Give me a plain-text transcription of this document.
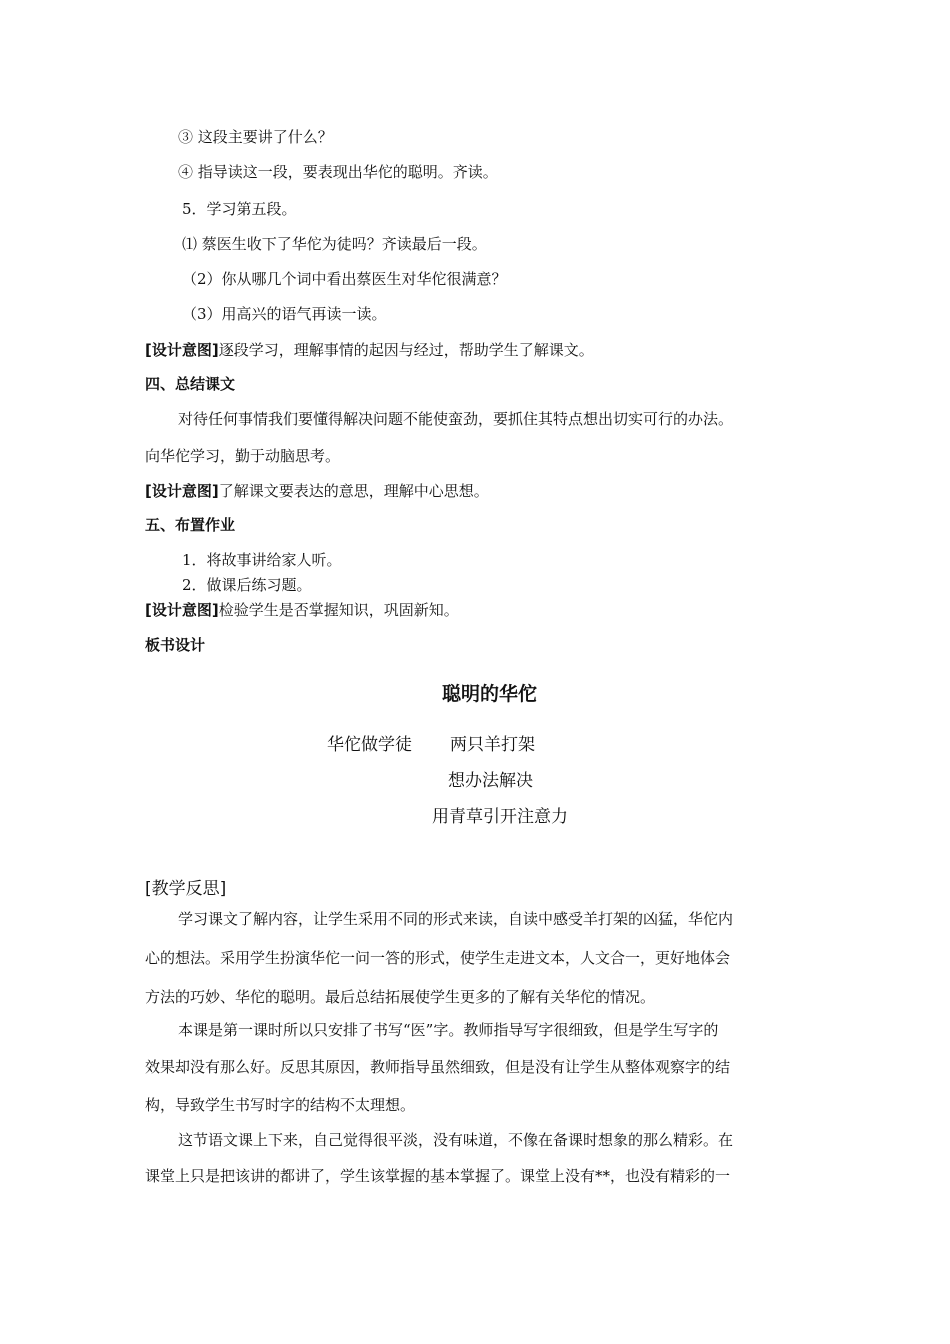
③ 这段主要讲了什么？
④ 指导读这一段，要表现出华佗的聪明。齐读。
5．学习第五段。
⑴ 蔡医生收下了华佗为徒吗？齐读最后一段。
（2）你从哪几个词中看出蔡医生对华佗很满意？
（3）用高兴的语气再读一读。
[设计意图]逐段学习，理解事情的起因与经过，帮助学生了解课文。
四、总结课文
对待任何事情我们要懂得解决问题不能使蛮劲，要抓住其特点想出切实可行的办法。
向华佗学习，勤于动脑思考。
[设计意图]了解课文要表达的意思，理解中心思想。
五、布置作业
1．将故事讲给家人听。
2．做课后练习题。
[设计意图]检验学生是否掌握知识，巩固新知。
板书设计
聪明的华佗
华佗做学徒 两只羊打架
想办法解决
用青草引开注意力
[教学反思]
学习课文了解内容，让学生采用不同的形式来读，自读中感受羊打架的凶猛，华佗内
心的想法。采用学生扮演华佗一问一答的形式，使学生走进文本，人文合一，更好地体会
方法的巧妙、华佗的聪明。最后总结拓展使学生更多的了解有关华佗的情况。
本课是第一课时所以只安排了书写“医”字。教师指导写字很细致，但是学生写字的
效果却没有那么好。反思其原因，教师指导虽然细致，但是没有让学生从整体观察字的结
构，导致学生书写时字的结构不太理想。
这节语文课上下来，自己觉得很平淡，没有味道，不像在备课时想象的那么精彩。在
课堂上只是把该讲的都讲了，学生该掌握的基本掌握了。课堂上没有**，也没有精彩的一
